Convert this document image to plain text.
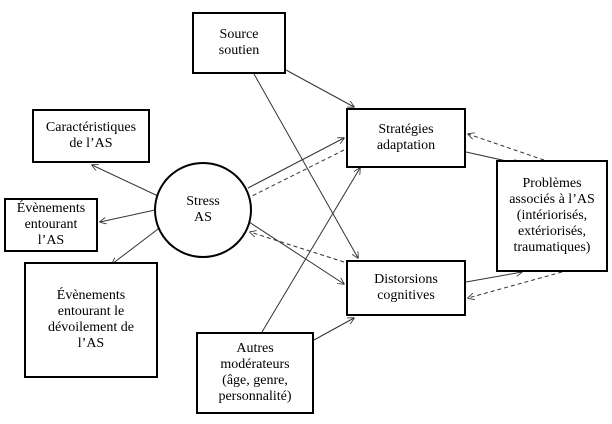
Source
soutien
Caractéristiques
de l’AS
Évènements
entourant l’AS
Évènements
entourant le
dévoilement de
l’AS
Stress
AS
Stratégies
adaptation
Distorsions
cognitives
Autres
modérateurs
(âge, genre,
personnalité)
Problèmes
associés à l’AS
(intériorisés,
extériorisés,
traumatiques)
